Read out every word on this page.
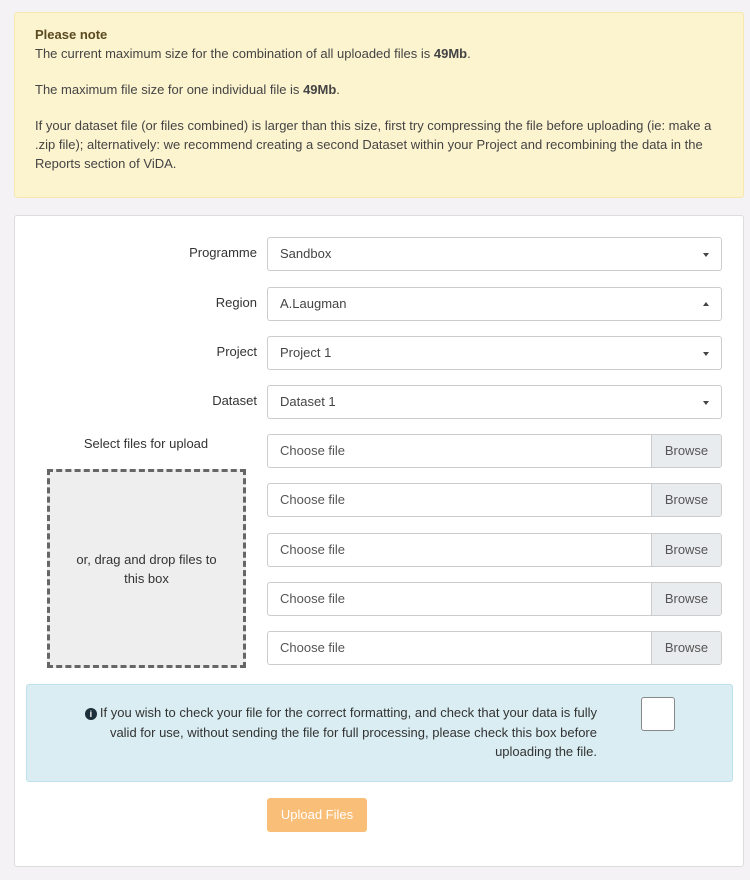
Please note

The current maximum size for the combination of all uploaded files is 49Mb.

The maximum file size for one individual file is 49Mb.

If your dataset file (or files combined) is larger than this size, first try compressing the file before uploading (ie: make a .zip file); alternatively: we recommend creating a second Dataset within your Project and recombining the data in the Reports section of ViDA.

Programme	Sandbox
Region	A.Laugman
Project	Project 1
Dataset	Dataset 1
Select files for upload
or, drag and drop files to this box
Choose file	Browse
Choose file	Browse
Choose file	Browse
Choose file	Browse
Choose file	Browse
i If you wish to check your file for the correct formatting, and check that your data is fully valid for use, without sending the file for full processing, please check this box before uploading the file.
Upload Files
